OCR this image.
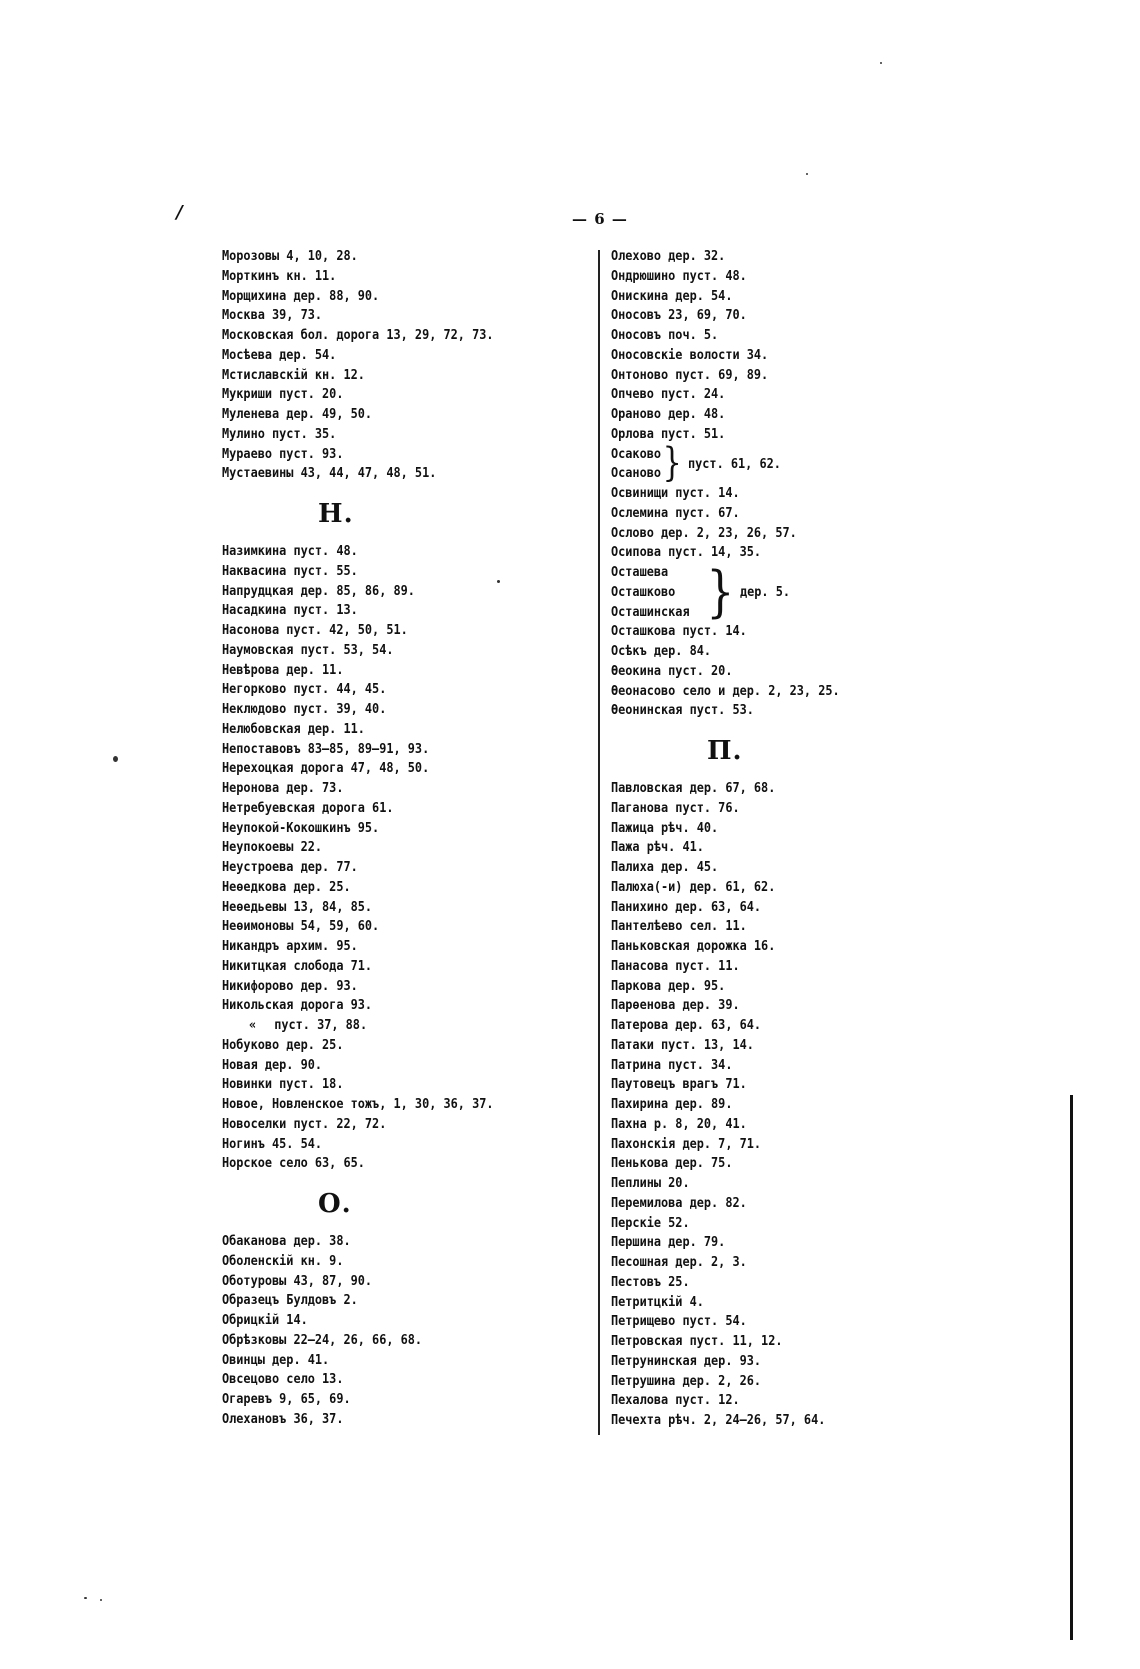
/	— 6 —
Морозовы 4, 10, 28.
Морткинъ кн. 11.
Морщихина дер. 88, 90.
Москва 39, 73.
Московская бол. дорога 13, 29, 72, 73.
Мосѣева дер. 54.
Мстиславскій кн. 12.
Мукриши пуст. 20.
Муленева дер. 49, 50.
Мулино пуст. 35.
Мураево пуст. 93.
Мустаевины 43, 44, 47, 48, 51.
Н.
Назимкина пуст. 48.
Наквасина пуст. 55.
Напрудцкая дер. 85, 86, 89.
Насадкина пуст. 13.
Насонова пуст. 42, 50, 51.
Наумовская пуст. 53, 54.
Невѣрова дер. 11.
Негорково пуст. 44, 45.
Неклюдово пуст. 39, 40.
Нелюбовская дер. 11.
Непоставовъ 83—85, 89—91, 93.
Нерехоцкая дорога 47, 48, 50.
Неронова дер. 73.
Нетребуевская дорога 61.
Неупокой-Кокошкинъ 95.
Неупокоевы 22.
Неустроева дер. 77.
Неѳедкова дер. 25.
Неѳедьевы 13, 84, 85.
Неѳимоновы 54, 59, 60.
Никандръ архим. 95.
Никитцкая слобода 71.
Никифорово дер. 93.
Никольская дорога 93.
« пуст. 37, 88.
Нобуково дер. 25.
Новая дер. 90.
Новинки пуст. 18.
Новое, Новленское тожъ, 1, 30, 36, 37.
Новоселки пуст. 22, 72.
Ногинъ 45. 54.
Норское село 63, 65.
О.
Обаканова дер. 38.
Оболенскій кн. 9.
Оботуровы 43, 87, 90.
Образецъ Булдовъ 2.
Обрицкій 14.
Обрѣзковы 22—24, 26, 66, 68.
Овинцы дер. 41.
Овсецово село 13.
Огаревъ 9, 65, 69.
Олехановъ 36, 37.
Олехово дер. 32.
Ондрюшино пуст. 48.
Онискина дер. 54.
Оносовъ 23, 69, 70.
Оносовъ поч. 5.
Оносовскіе волости 34.
Онтоново пуст. 69, 89.
Опчево пуст. 24.
Ораново дер. 48.
Орлова пуст. 51.
Осаково
Осаново } пуст. 61, 62.
Освинищи пуст. 14.
Ослемина пуст. 67.
Ослово дер. 2, 23, 26, 57.
Осипова пуст. 14, 35.
Осташева
Осташково
Осташинская } дер. 5.
Осташкова пуст. 14.
Осѣкъ дер. 84.
Ѳеокина пуст. 20.
Ѳеонасово село и дер. 2, 23, 25.
Ѳеонинская пуст. 53.
П.
Павловская дер. 67, 68.
Паганова пуст. 76.
Пажица рѣч. 40.
Пажа рѣч. 41.
Палиха дер. 45.
Палюха(-и) дер. 61, 62.
Панихино дер. 63, 64.
Пантелѣево сел. 11.
Паньковская дорожка 16.
Панасова пуст. 11.
Паркова дер. 95.
Парѳенова дер. 39.
Патерова дер. 63, 64.
Патаки пуст. 13, 14.
Патрина пуст. 34.
Паутовецъ врагъ 71.
Пахирина дер. 89.
Пахна р. 8, 20, 41.
Пахонскія дер. 7, 71.
Пенькова дер. 75.
Пеплины 20.
Перемилова дер. 82.
Перскіе 52.
Першина дер. 79.
Песошная дер. 2, 3.
Пестовъ 25.
Петритцкій 4.
Петрищево пуст. 54.
Петровская пуст. 11, 12.
Петрунинская дер. 93.
Петрушина дер. 2, 26.
Пехалова пуст. 12.
Печехта рѣч. 2, 24—26, 57, 64.
